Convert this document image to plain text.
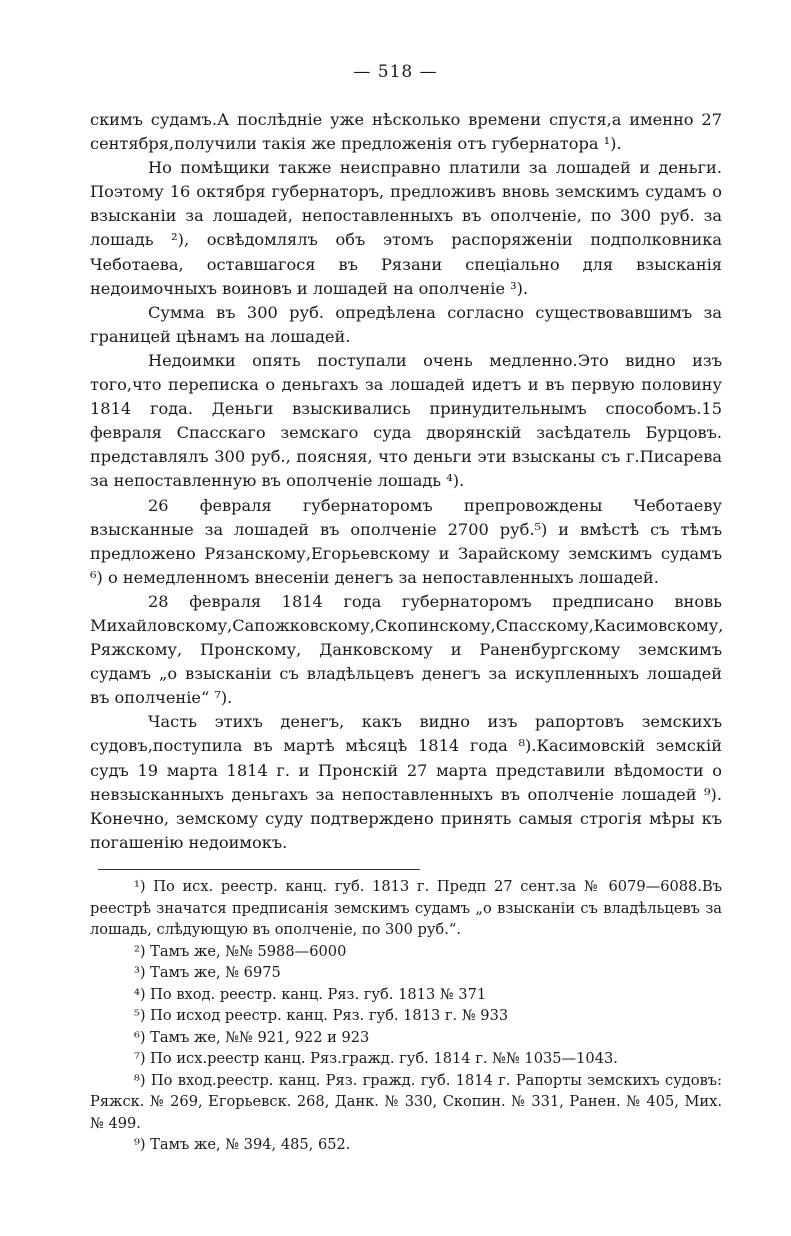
— 518 —

скимъ судамъ.А послѣдніе уже нѣсколько времени спустя,а именно 27 сентября,получили такія же предложенія отъ губернатора ¹).

Но помѣщики также неисправно платили за лошадей и деньги. Поэтому 16 октября губернаторъ, предложивъ вновь земскимъ судамъ о взысканіи за лошадей, непоставленныхъ въ ополченіе, по 300 руб. за лошадь ²), освѣдомлялъ объ этомъ распоряженіи подполковника Чеботаева, оставшагося въ Рязани спеціально для взысканія недоимочныхъ воиновъ и лошадей на ополченіе ³).

Сумма въ 300 руб. опредѣлена согласно существовавшимъ за границей цѣнамъ на лошадей.

Недоимки опять поступали очень медленно.Это видно изъ того,что переписка о деньгахъ за лошадей идетъ и въ первую половину 1814 года. Деньги взыскивались принудительнымъ способомъ.15 февраля Спасскаго земскаго суда дворянскій засѣдатель Бурцовъ. представлялъ 300 руб., поясняя, что деньги эти взысканы съ г.Писарева за непоставленную въ ополченіе лошадь ⁴).

26 февраля губернаторомъ препровождены Чеботаеву взысканные за лошадей въ ополченіе 2700 руб.⁵) и вмѣстѣ съ тѣмъ предложено Рязанскому,Егорьевскому и Зарайскому земскимъ судамъ ⁶) о немедленномъ внесеніи денегъ за непоставленныхъ лошадей.

28 февраля 1814 года губернаторомъ предписано вновь Михайловскому,Сапожковскому,Скопинскому,Спасскому,Касимовскому, Ряжскому, Пронскому, Данковскому и Раненбургскому земскимъ судамъ „о взысканіи съ владѣльцевъ денегъ за искупленныхъ лошадей въ ополченіе“ ⁷).

Часть этихъ денегъ, какъ видно изъ рапортовъ земскихъ судовъ,поступила въ мартѣ мѣсяцѣ 1814 года ⁸).Касимовскій земскій судъ 19 марта 1814 г. и Пронскій 27 марта представили вѣдомости о невзысканныхъ деньгахъ за непоставленныхъ въ ополченіе лошадей ⁹). Конечно, земскому суду подтверждено принять самыя строгія мѣры къ погашенію недоимокъ.

¹) По исх. реестр. канц. губ. 1813 г. Предп 27 сент.за № 6079—6088.Въ реестрѣ значатся предписанія земскимъ судамъ „о взысканіи съ владѣльцевъ за лошадь, слѣдующую въ ополченіе, по 300 руб.“.

²) Тамъ же, №№ 5988—6000

³) Тамъ же, № 6975

⁴) По вход. реестр. канц. Ряз. губ. 1813 № 371

⁵) По исход реестр. канц. Ряз. губ. 1813 г. № 933

⁶) Тамъ же, №№ 921, 922 и 923

⁷) По исх.реестр канц. Ряз.гражд. губ. 1814 г. №№ 1035—1043.

⁸) По вход.реестр. канц. Ряз. гражд. губ. 1814 г. Рапорты земскихъ судовъ: Ряжск. № 269, Егорьевск. 268, Данк. № 330, Скопин. № 331, Ранен. № 405, Мих. № 499.

⁹) Тамъ же, № 394, 485, 652.
